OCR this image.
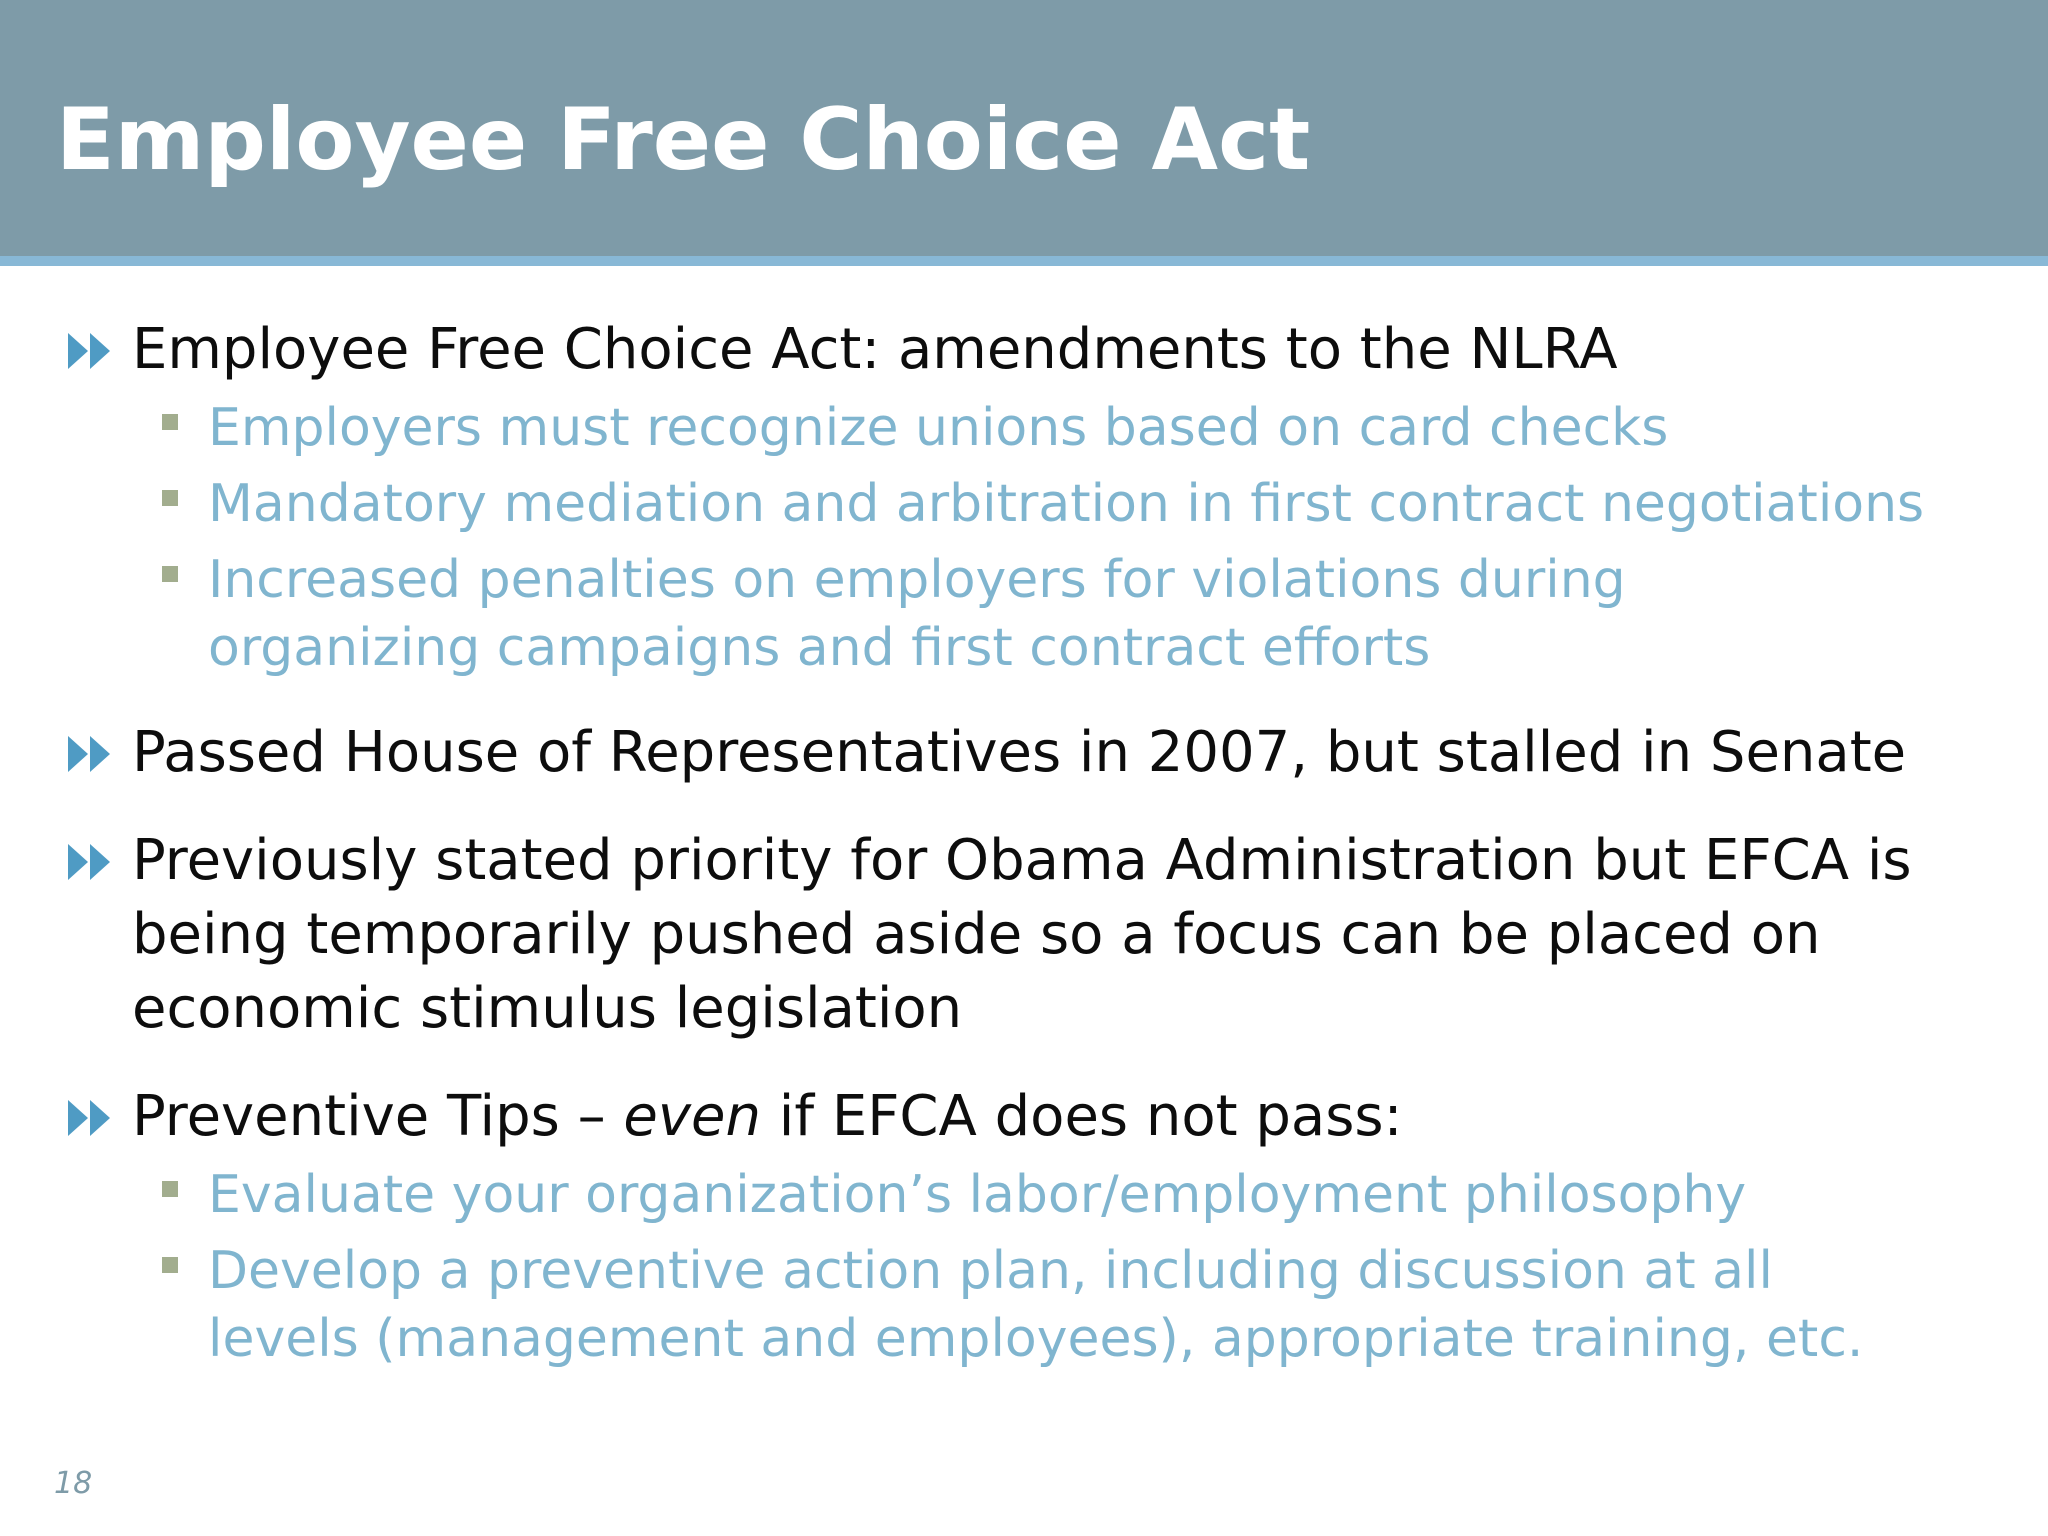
Employee Free Choice Act
Employee Free Choice Act: amendments to the NLRA
Employers must recognize unions based on card checks
Mandatory mediation and arbitration in first contract negotiations
Increased penalties on employers for violations during organizing campaigns and first contract efforts
Passed House of Representatives in 2007, but stalled in Senate
Previously stated priority for Obama Administration but EFCA is being temporarily pushed aside so a focus can be placed on economic stimulus legislation
Preventive Tips – even if EFCA does not pass:
Evaluate your organization’s labor/employment philosophy
Develop a preventive action plan, including discussion at all levels (management and employees), appropriate training, etc.
18
